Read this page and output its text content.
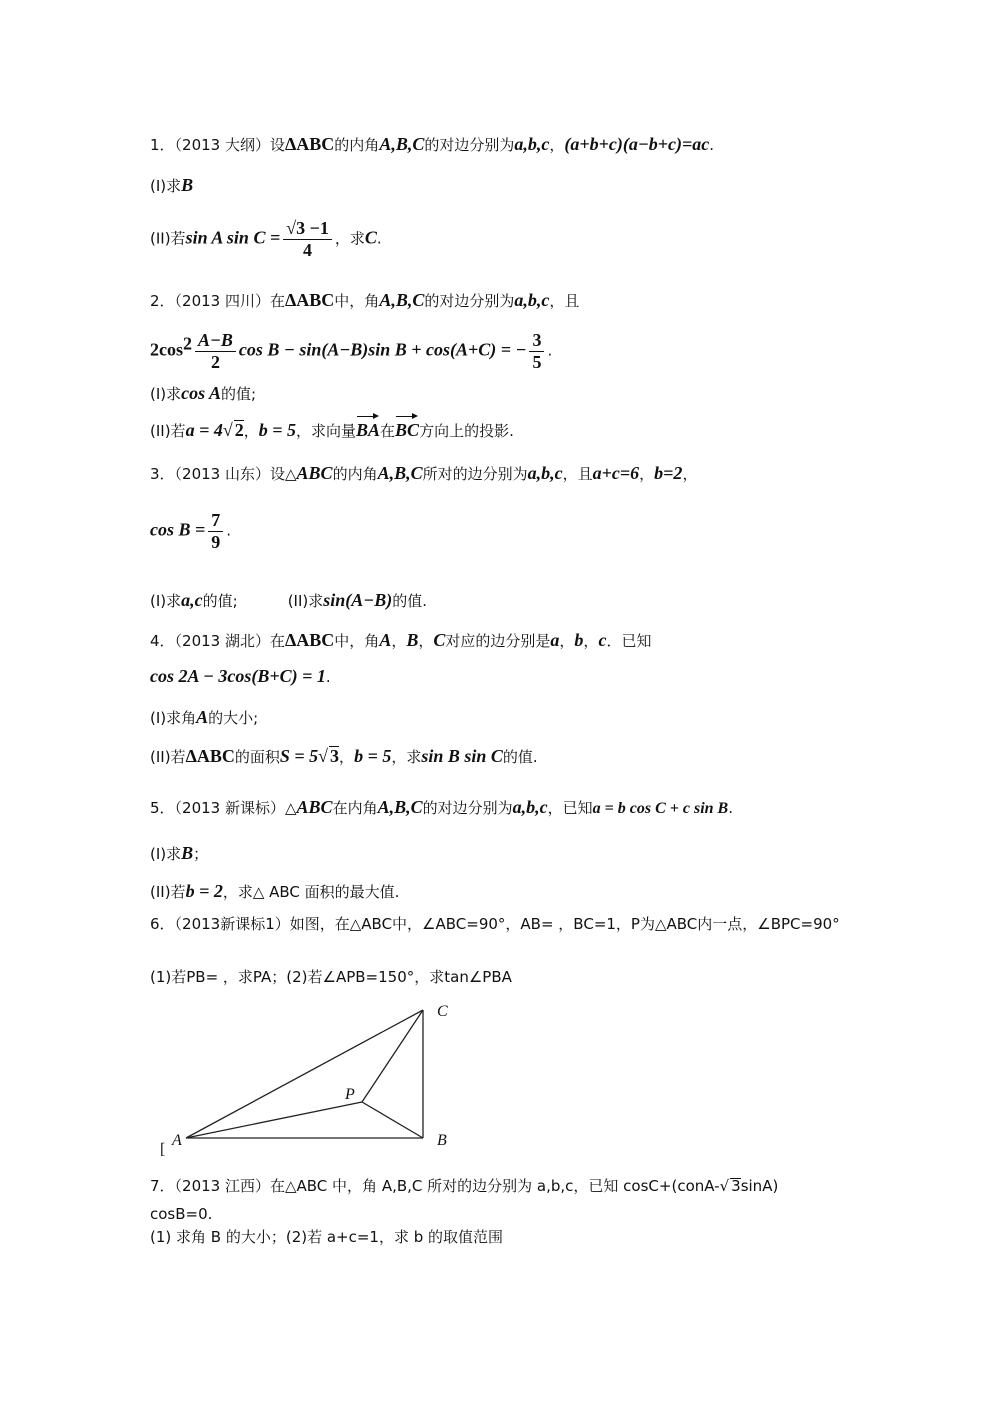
1．（2013 大纲）设ΔABC的内角A,B,C的对边分别为a,b,c，(a+b+c)(a−b+c)=ac.
(I)求B
(II)若sin A $\sin C = \frac{√3 -1}{4}$ ，求C.
2．（2013 四川）在ΔABC中，角A,B,C的对边分别为a,b,c，且
$2\cos^2 \frac{A-B}{2}$ cos B − sin(A−B)sin B + cos(A+C) = − $\frac{3}{5}$ .
(Ⅰ)求cos A的值;
(II)若a = 4√ 2，b = 5，求向量BA在BC方向上的投影.
3．（2013 山东）设△ABC的内角A,B,C所对的边分别为a,b,c，且a+c=6，b=2，
$\cos B = \frac{7}{9}$ .
(Ⅰ)求a,c的值;	(II)求sin(A−B)的值.
4．（2013 湖北）在ΔABC中，角A，B，C对应的边分别是a，b，c．已知
cos 2A − 3cos(B+C) = 1.
(I)求角A的大小;
(II)若ΔABC的面积S = 5√ 3，b = 5，求sin B sin C的值.
5．（2013 新课标）△ABC在内角A,B,C的对边分别为a,b,c，已知a = b cos C + c sin B.
(Ⅰ)求B；
(II)若b = 2，求△ ABC 面积的最大值.
6．（2013新课标1）如图，在△ABC中，∠ABC=90°，AB= ，BC=1，P为△ABC内一点，∠BPC=90°
(1)若PB= ，求PA；(2)若∠APB=150°，求tan∠PBA
A	B
C
P
[
7．（2013 江西）在△ABC 中，角 A,B,C 所对的边分别为 a,b,c，已知 cosC+(conA-√ 3sinA)
cosB=0.
(1) 求角 B 的大小；(2)若 a+c=1，求 b 的取值范围
